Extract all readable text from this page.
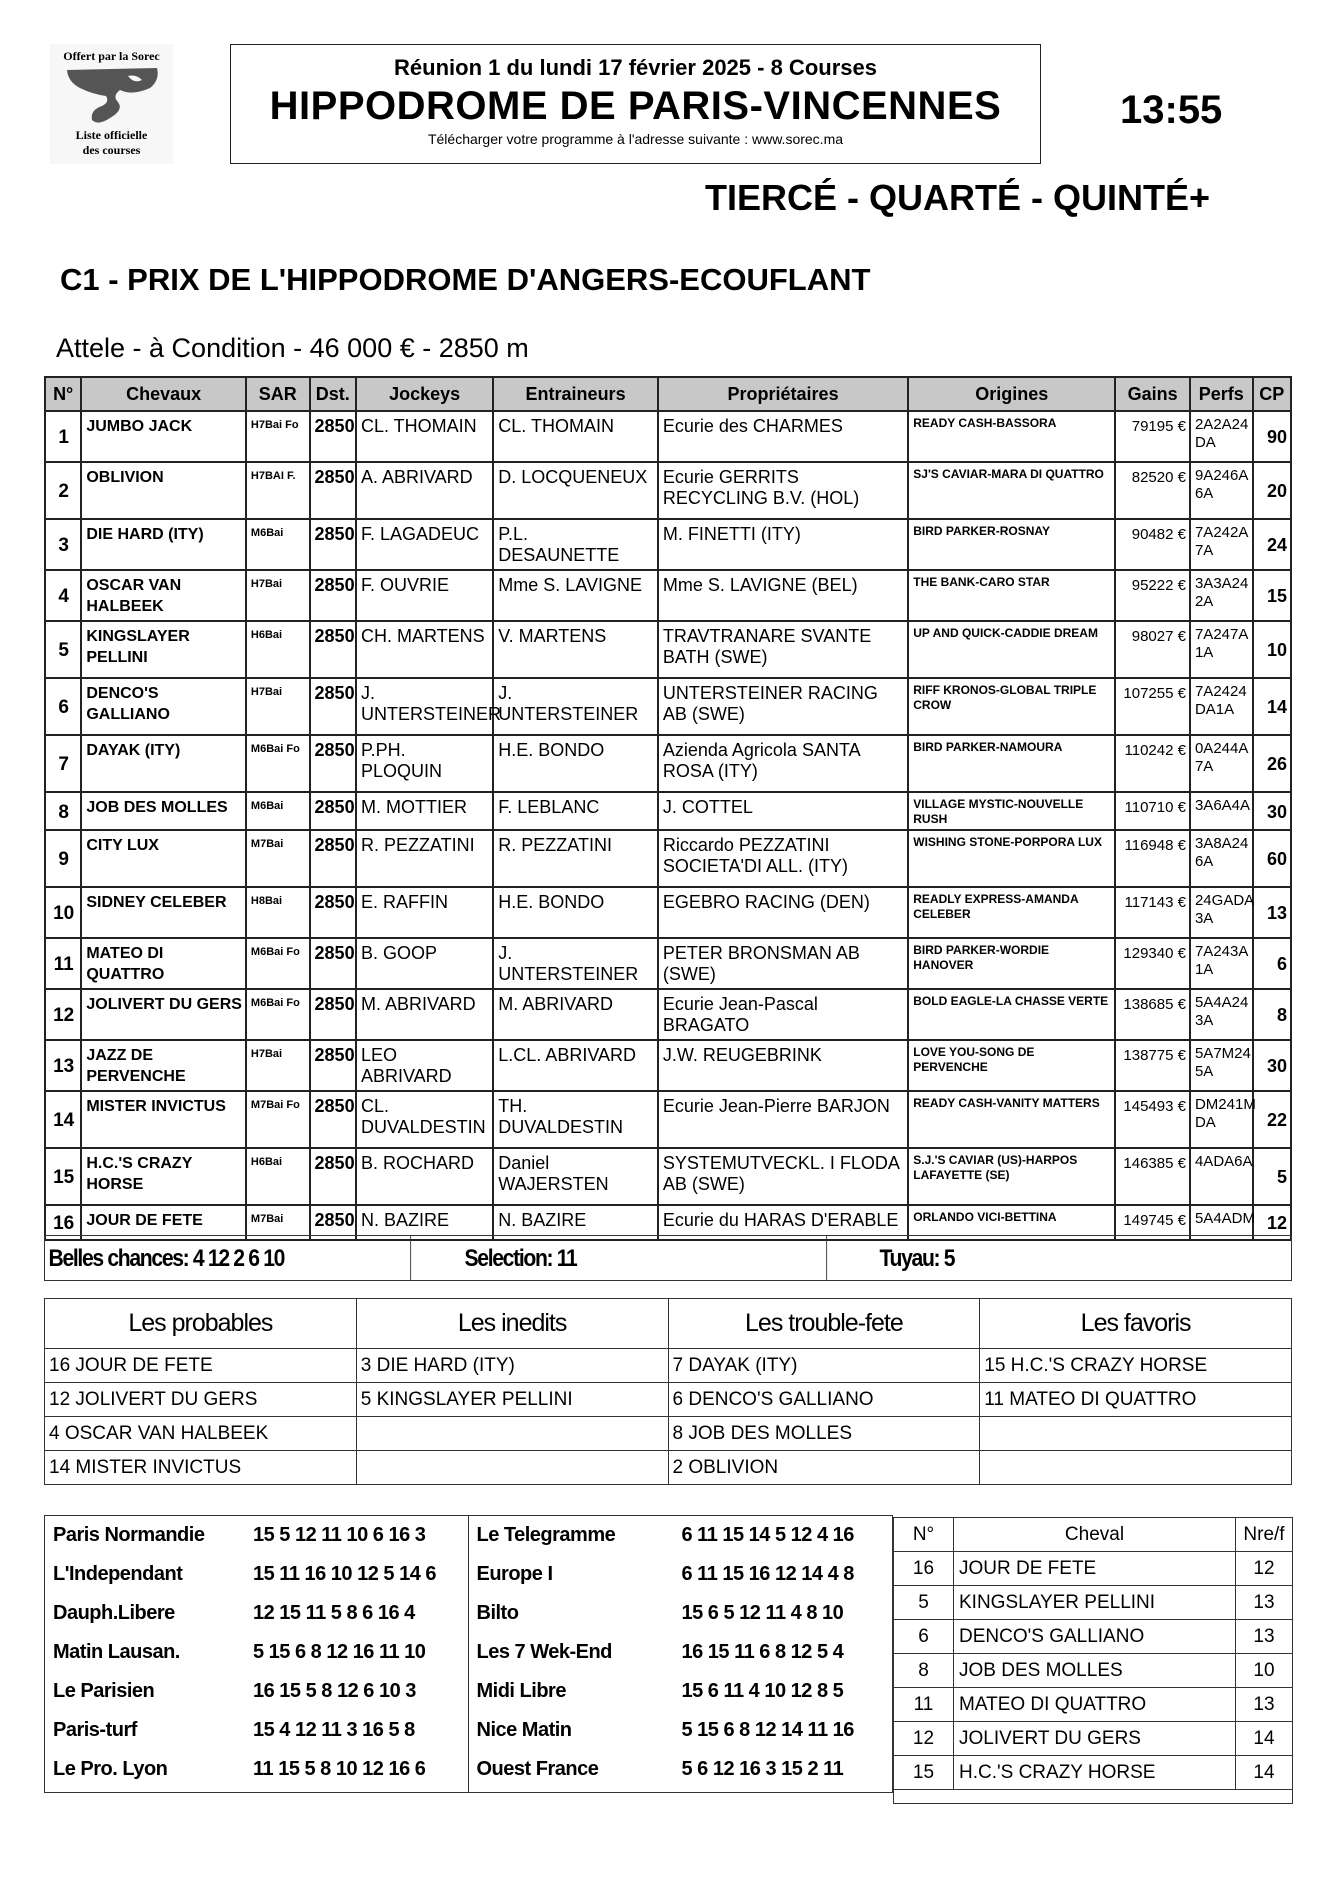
Offert par la Sorec
Liste officielle
des courses
Réunion 1 du lundi 17 février 2025 - 8 Courses
HIPPODROME DE PARIS-VINCENNES
Télécharger votre programme à l'adresse suivante : www.sorec.ma
13:55
TIERCÉ - QUARTÉ - QUINTÉ+
C1 - PRIX DE L'HIPPODROME D'ANGERS-ECOUFLANT
Attele - à Condition - 46 000 € - 2850 m
N°	Chevaux	SAR	Dst.	Jockeys	Entraineurs	Propriétaires	Origines	Gains	Perfs	CP
1	JUMBO JACK	H7Bai Fo	2850	CL. THOMAIN	CL. THOMAIN	Ecurie des CHARMES	READY CASH-BASSORA	79195 €	2A2A24 DA	90
2	OBLIVION	H7BAI F.	2850	A. ABRIVARD	D. LOCQUENEUX	Ecurie GERRITS RECYCLING B.V. (HOL)	SJ'S CAVIAR-MARA DI QUATTRO	82520 €	9A246A 6A	20
3	DIE HARD (ITY)	M6Bai	2850	F. LAGADEUC	P.L. DESAUNETTE	M. FINETTI (ITY)	BIRD PARKER-ROSNAY	90482 €	7A242A 7A	24
4	OSCAR VAN HALBEEK	H7Bai	2850	F. OUVRIE	Mme S. LAVIGNE	Mme S. LAVIGNE (BEL)	THE BANK-CARO STAR	95222 €	3A3A24 2A	15
5	KINGSLAYER PELLINI	H6Bai	2850	CH. MARTENS	V. MARTENS	TRAVTRANARE SVANTE BATH (SWE)	UP AND QUICK-CADDIE DREAM	98027 €	7A247A 1A	10
6	DENCO'S GALLIANO	H7Bai	2850	J. UNTERSTEINER	J. UNTERSTEINER	UNTERSTEINER RACING AB (SWE)	RIFF KRONOS-GLOBAL TRIPLE CROW	107255 €	7A2424 DA1A	14
7	DAYAK (ITY)	M6Bai Fo	2850	P.PH. PLOQUIN	H.E. BONDO	Azienda Agricola SANTA ROSA (ITY)	BIRD PARKER-NAMOURA	110242 €	0A244A 7A	26
8	JOB DES MOLLES	M6Bai	2850	M. MOTTIER	F. LEBLANC	J. COTTEL	VILLAGE MYSTIC-NOUVELLE RUSH	110710 €	3A6A4A	30
9	CITY LUX	M7Bai	2850	R. PEZZATINI	R. PEZZATINI	Riccardo PEZZATINI SOCIETA'DI ALL. (ITY)	WISHING STONE-PORPORA LUX	116948 €	3A8A24 6A	60
10	SIDNEY CELEBER	H8Bai	2850	E. RAFFIN	H.E. BONDO	EGEBRO RACING (DEN)	READLY EXPRESS-AMANDA CELEBER	117143 €	24GADA 3A	13
11	MATEO DI QUATTRO	M6Bai Fo	2850	B. GOOP	J. UNTERSTEINER	PETER BRONSMAN AB (SWE)	BIRD PARKER-WORDIE HANOVER	129340 €	7A243A 1A	6
12	JOLIVERT DU GERS	M6Bai Fo	2850	M. ABRIVARD	M. ABRIVARD	Ecurie Jean-Pascal BRAGATO	BOLD EAGLE-LA CHASSE VERTE	138685 €	5A4A24 3A	8
13	JAZZ DE PERVENCHE	H7Bai	2850	LEO ABRIVARD	L.CL. ABRIVARD	J.W. REUGEBRINK	LOVE YOU-SONG DE PERVENCHE	138775 €	5A7M24 5A	30
14	MISTER INVICTUS	M7Bai Fo	2850	CL. DUVALDESTIN	TH. DUVALDESTIN	Ecurie Jean-Pierre BARJON	READY CASH-VANITY MATTERS	145493 €	DM241M DA	22
15	H.C.'S CRAZY HORSE	H6Bai	2850	B. ROCHARD	Daniel WAJERSTEN	SYSTEMUTVECKL. I FLODA AB (SWE)	S.J.'S CAVIAR (US)-HARPOS LAFAYETTE (SE)	146385 €	4ADA6A	5
16	JOUR DE FETE	M7Bai	2850	N. BAZIRE	N. BAZIRE	Ecurie du HARAS D'ERABLE	ORLANDO VICI-BETTINA	149745 €	5A4ADM	12
Belles chances: 4 12 2 6 10	Selection: 11	Tuyau: 5
Les probables	Les inedits	Les trouble-fete	Les favoris
16 JOUR DE FETE	3 DIE HARD (ITY)	7 DAYAK (ITY)	15 H.C.'S CRAZY HORSE
12 JOLIVERT DU GERS	5 KINGSLAYER PELLINI	6 DENCO'S GALLIANO	11 MATEO DI QUATTRO
4 OSCAR VAN HALBEEK		8 JOB DES MOLLES	
14 MISTER INVICTUS		2 OBLIVION	
Paris Normandie	15 5 12 11 10 6 16 3
L'Independant	15 11 16 10 12 5 14 6
Dauph.Libere	12 15 11 5 8 6 16 4
Matin Lausan.	5 15 6 8 12 16 11 10
Le Parisien	16 15 5 8 12 6 10 3
Paris-turf	15 4 12 11 3 16 5 8
Le Pro. Lyon	11 15 5 8 10 12 16 6
Le Telegramme	6 11 15 14 5 12 4 16
Europe I	6 11 15 16 12 14 4 8
Bilto	15 6 5 12 11 4 8 10
Les 7 Wek-End	16 15 11 6 8 12 5 4
Midi Libre	15 6 11 4 10 12 8 5
Nice Matin	5 15 6 8 12 14 11 16
Ouest France	5 6 12 16 3 15 2 11
N°	Cheval	Nre/f
16	JOUR DE FETE	12
5	KINGSLAYER PELLINI	13
6	DENCO'S GALLIANO	13
8	JOB DES MOLLES	10
11	MATEO DI QUATTRO	13
12	JOLIVERT DU GERS	14
15	H.C.'S CRAZY HORSE	14
